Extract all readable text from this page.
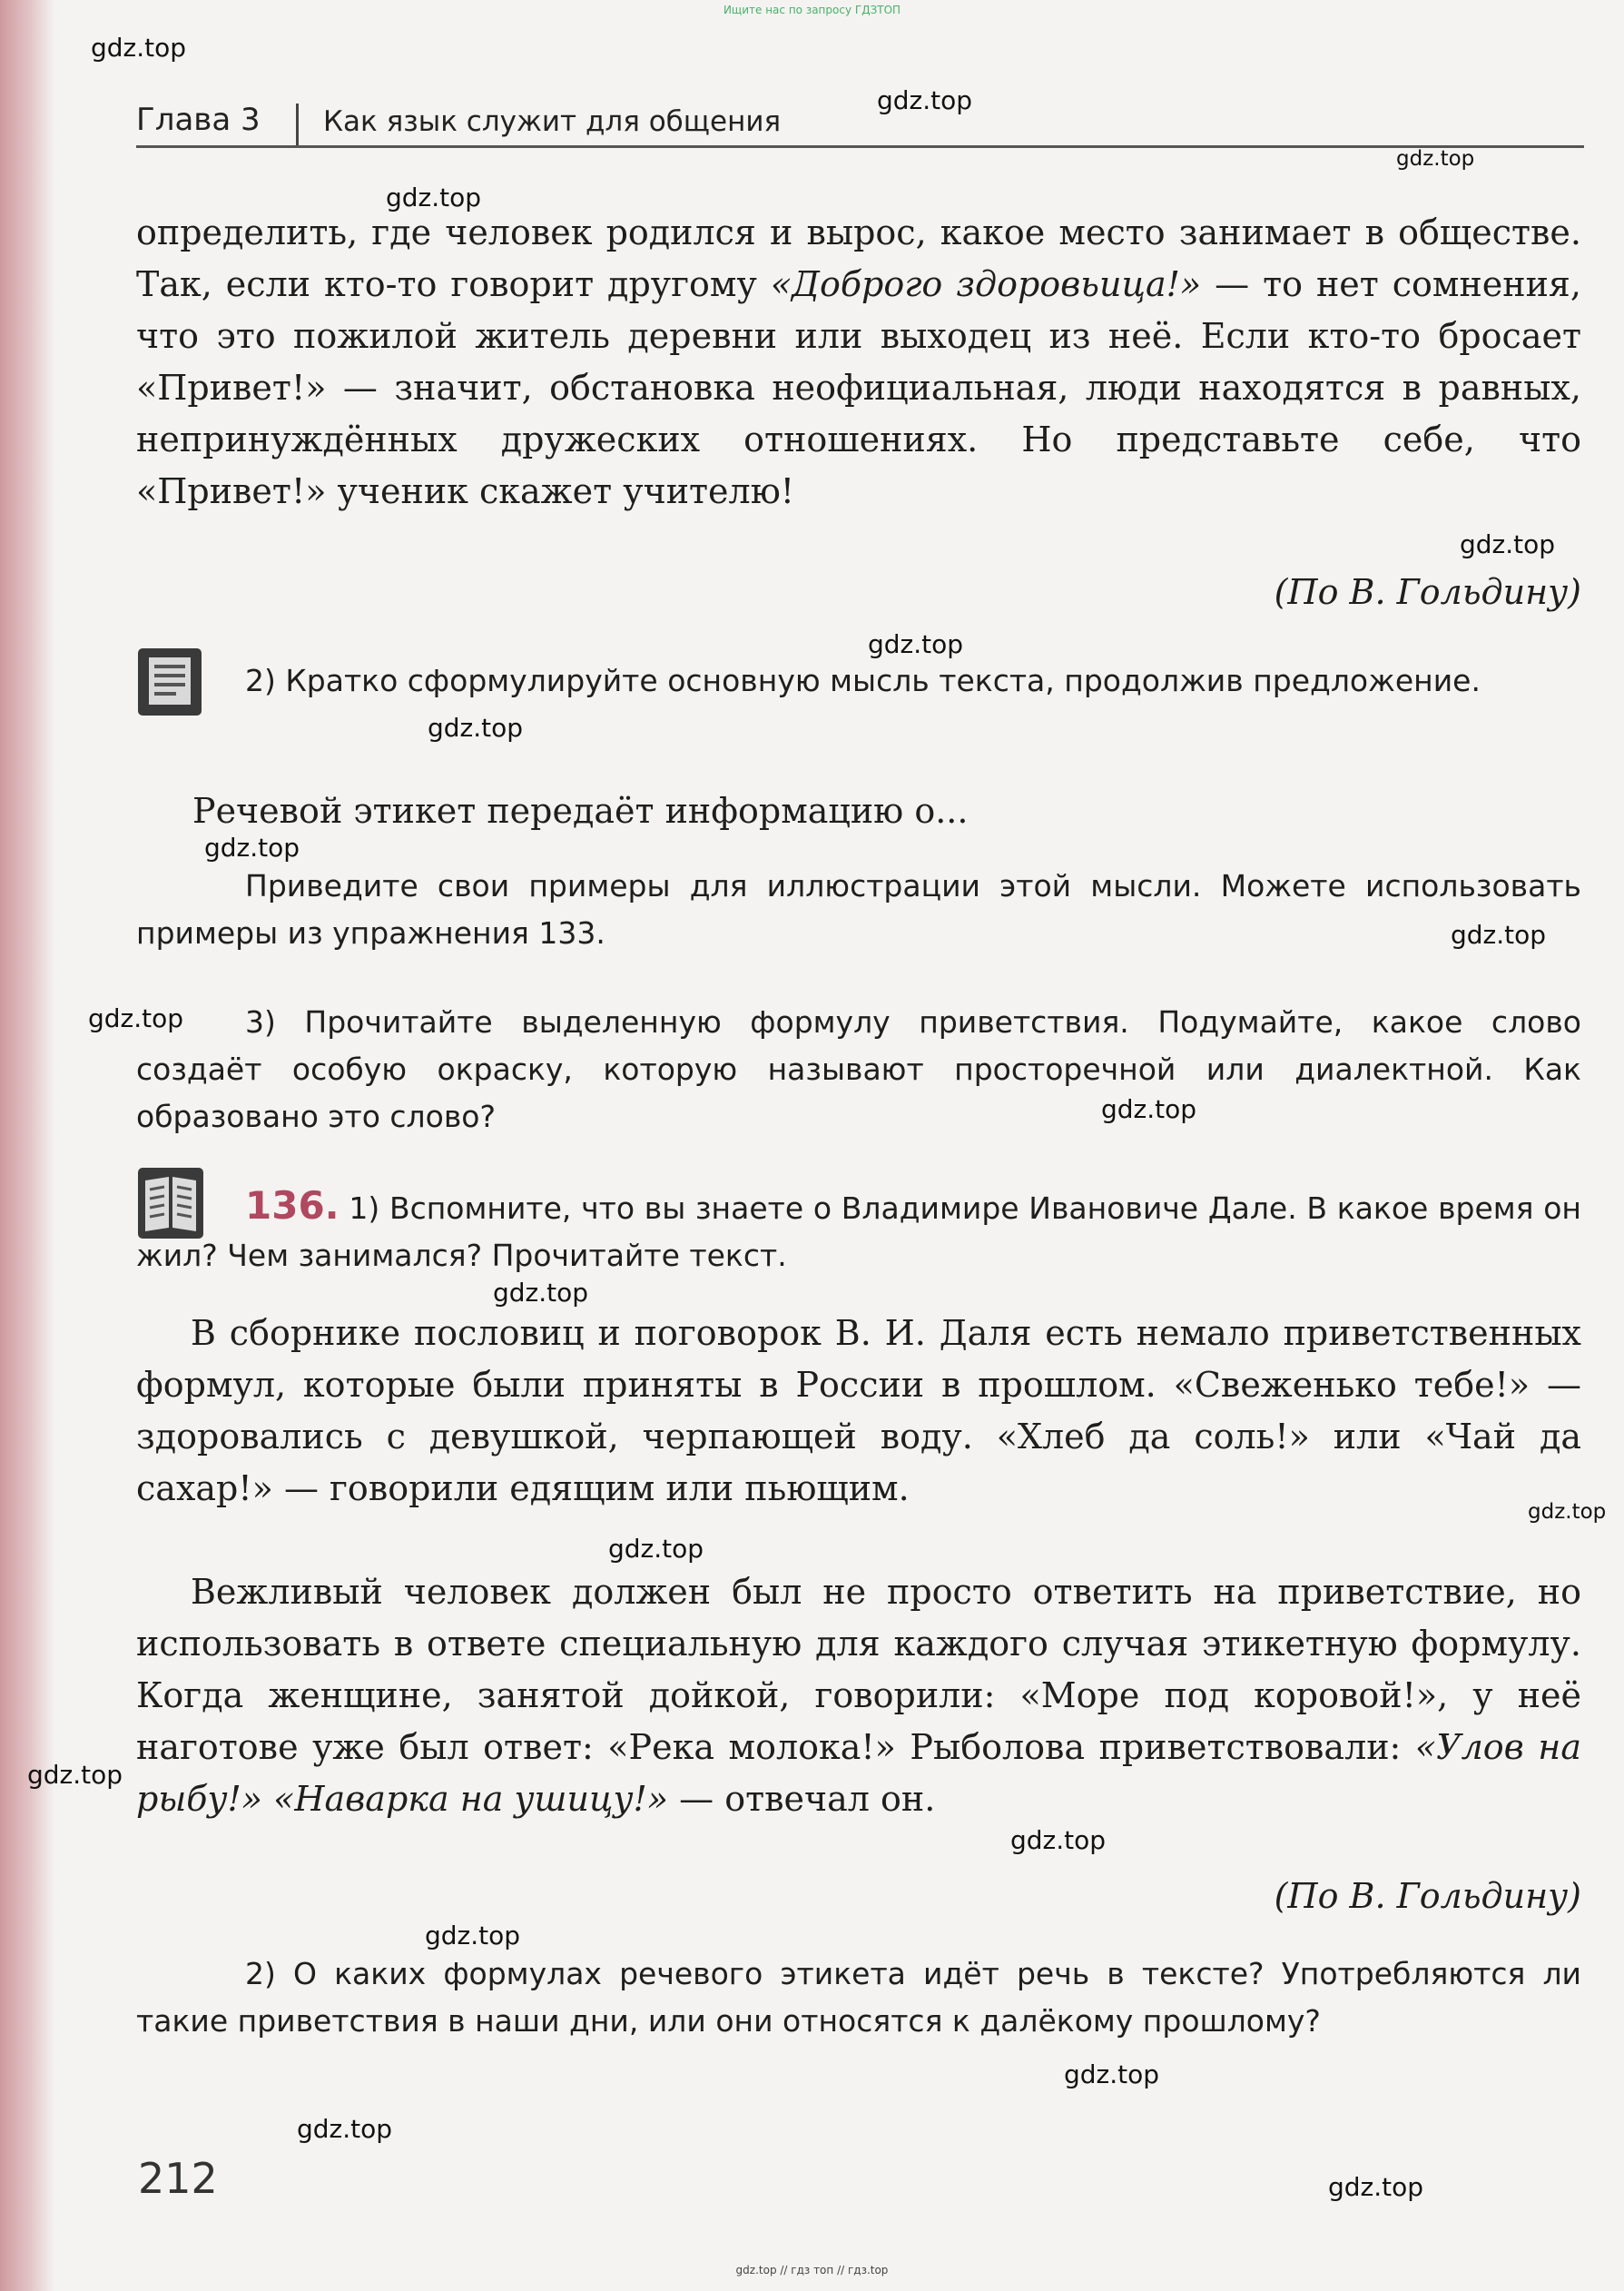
Ищите нас по запросу ГДЗТОП
Глава 3 Как язык служит для общения

определить, где человек родился и вырос, какое место занимает в обществе. Так, если кто-то говорит другому «Доброго здоровьица!» — то нет сомнения, что это пожилой житель деревни или выходец из неё. Если кто-то бросает «Привет!» — значит, обстановка неофициальная, люди находятся в равных, непринуждённых дружеских отношениях. Но представьте себе, что «Привет!» ученик скажет учителю!

(По В. Гольдину)

2) Кратко сформулируйте основную мысль текста, продолжив предложение.

Речевой этикет передаёт информацию о...

Приведите свои примеры для иллюстрации этой мысли. Можете использовать примеры из упражнения 133.

3) Прочитайте выделенную формулу приветствия. Подумайте, какое слово создаёт особую окраску, которую называют просторечной или диалектной. Как образовано это слово?

136. 1) Вспомните, что вы знаете о Владимире Ивановиче Дале. В какое время он жил? Чем занимался? Прочитайте текст.

В сборнике пословиц и поговорок В. И. Даля есть немало приветственных формул, которые были приняты в России в прошлом. «Свеженько тебе!» — здоровались с девушкой, черпающей воду. «Хлеб да соль!» или «Чай да сахар!» — говорили едящим или пьющим.

Вежливый человек должен был не просто ответить на приветствие, но использовать в ответе специальную для каждого случая этикетную формулу. Когда женщине, занятой дойкой, говорили: «Море под коровой!», у неё наготове уже был ответ: «Река молока!» Рыболова приветствовали: «Улов на рыбу!» «Наварка на ушицу!» — отвечал он.

(По В. Гольдину)

2) О каких формулах речевого этикета идёт речь в тексте? Употребляются ли такие приветствия в наши дни, или они относятся к далёкому прошлому?

212
gdz.top
gdz.top
gdz.top
gdz.top
gdz.top
gdz.top
gdz.top
gdz.top
gdz.top
gdz.top
gdz.top
gdz.top
gdz.top
gdz.top
gdz.top
gdz.top
gdz.top
gdz.top
gdz.top
gdz.top
gdz.top // гдз топ // гдз.top
